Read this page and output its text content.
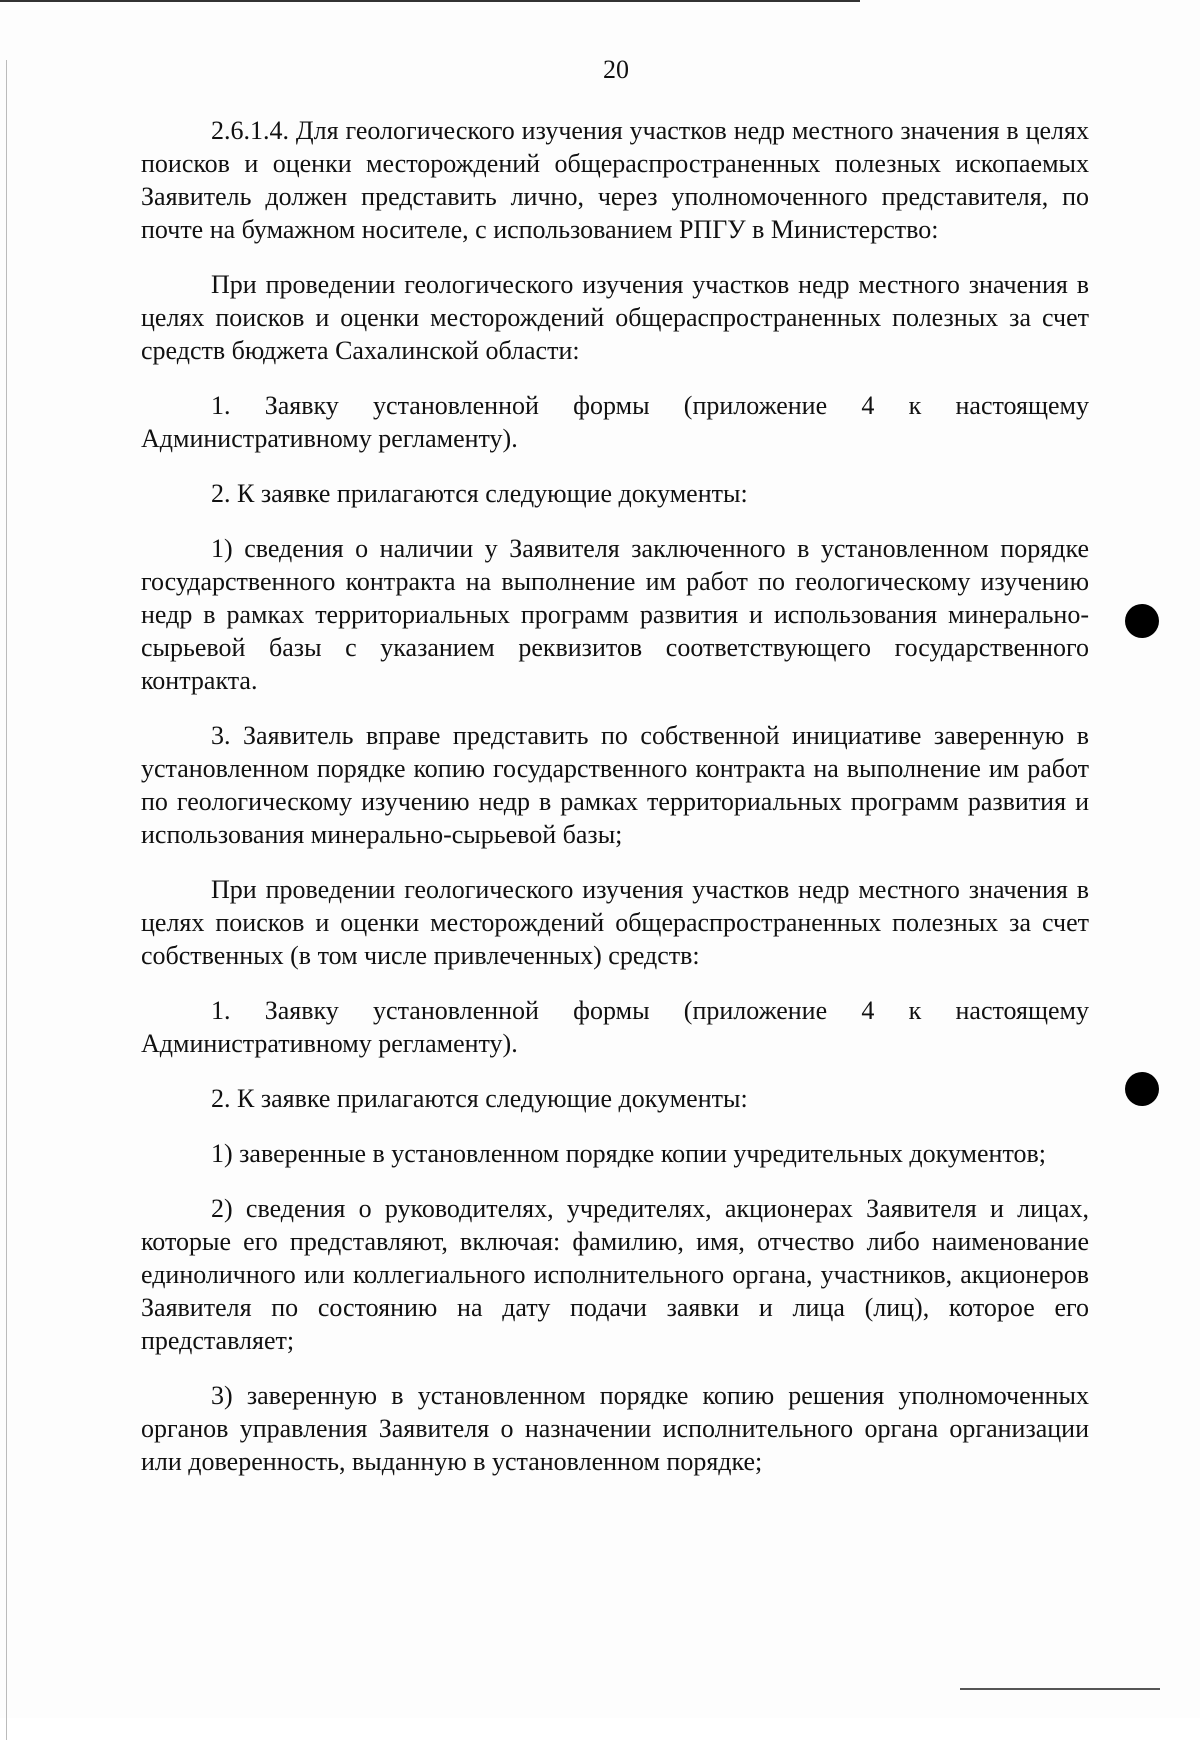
20

2.6.1.4. Для геологического изучения участков недр местного значения в целях поисков и оценки месторождений общераспространенных полезных ископаемых Заявитель должен представить лично, через уполномоченного представителя, по почте на бумажном носителе, с использованием РПГУ в Министерство:

При проведении геологического изучения участков недр местного значения в целях поисков и оценки месторождений общераспространенных полезных за счет средств бюджета Сахалинской области:

1. Заявку установленной формы (приложение 4 к настоящему Административному регламенту).

2. К заявке прилагаются следующие документы:

1) сведения о наличии у Заявителя заключенного в установленном порядке государственного контракта на выполнение им работ по геологическому изучению недр в рамках территориальных программ развития и использования минерально-сырьевой базы с указанием реквизитов соответствующего государственного контракта.

3. Заявитель вправе представить по собственной инициативе заверенную в установленном порядке копию государственного контракта на выполнение им работ по геологическому изучению недр в рамках территориальных программ развития и использования минерально-сырьевой базы;

При проведении геологического изучения участков недр местного значения в целях поисков и оценки месторождений общераспространенных полезных за счет собственных (в том числе привлеченных) средств:

1. Заявку установленной формы (приложение 4 к настоящему Административному регламенту).

2. К заявке прилагаются следующие документы:

1) заверенные в установленном порядке копии учредительных документов;

2) сведения о руководителях, учредителях, акционерах Заявителя и лицах, которые его представляют, включая: фамилию, имя, отчество либо наименование единоличного или коллегиального исполнительного органа, участников, акционеров Заявителя по состоянию на дату подачи заявки и лица (лиц), которое его представляет;

3) заверенную в установленном порядке копию решения уполномоченных органов управления Заявителя о назначении исполнительного органа организации или доверенность, выданную в установленном порядке;
